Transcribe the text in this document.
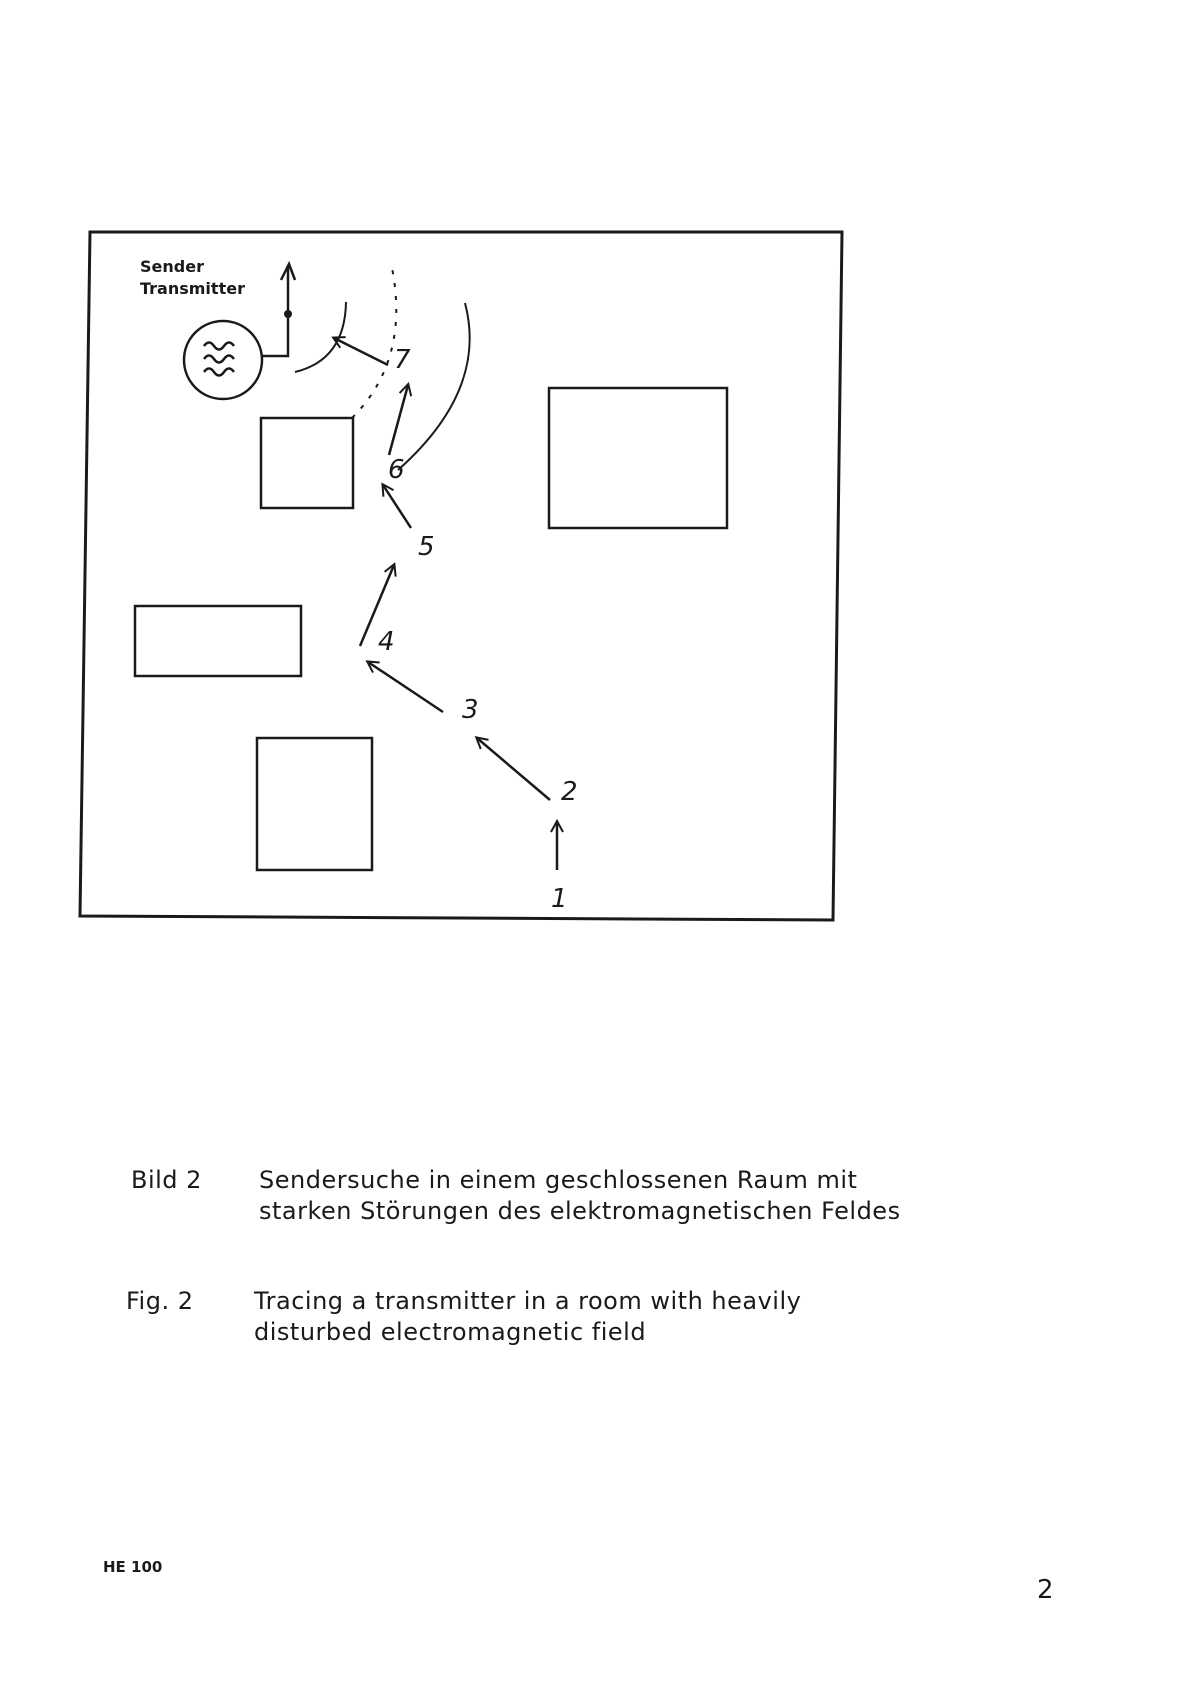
Sender
Transmitter
1
2
3
4
5
6
7
Bild 2 Sendersuche in einem geschlossenen Raum mit
starken Störungen des elektromagnetischen Feldes
Fig. 2	Tracing a transmitter in a room with heavily
disturbed electromagnetic field
HE 100
2
